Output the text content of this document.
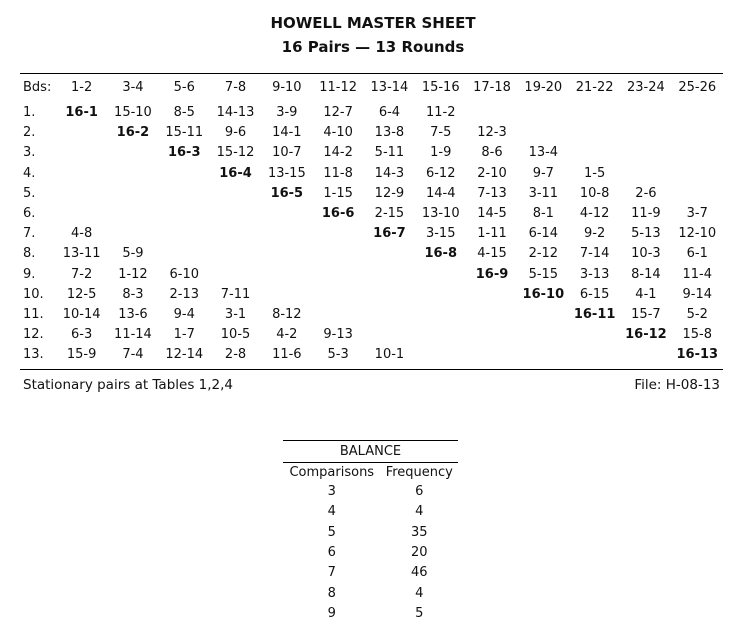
HOWELL MASTER SHEET
16 Pairs — 13 Rounds
Bds:	1-2	3-4	5-6	7-8	9-10	11-12	13-14	15-16	17-18	19-20	21-22	23-24	25-26
1.	16-1	15-10	8-5	14-13	3-9	12-7	6-4	11-2					
2.		16-2	15-11	9-6	14-1	4-10	13-8	7-5	12-3				
3.			16-3	15-12	10-7	14-2	5-11	1-9	8-6	13-4			
4.				16-4	13-15	11-8	14-3	6-12	2-10	9-7	1-5		
5.					16-5	1-15	12-9	14-4	7-13	3-11	10-8	2-6	
6.						16-6	2-15	13-10	14-5	8-1	4-12	11-9	3-7
7.	4-8						16-7	3-15	1-11	6-14	9-2	5-13	12-10
8.	13-11	5-9						16-8	4-15	2-12	7-14	10-3	6-1
9.	7-2	1-12	6-10						16-9	5-15	3-13	8-14	11-4
10.	12-5	8-3	2-13	7-11						16-10	6-15	4-1	9-14
11.	10-14	13-6	9-4	3-1	8-12						16-11	15-7	5-2
12.	6-3	11-14	1-7	10-5	4-2	9-13						16-12	15-8
13.	15-9	7-4	12-14	2-8	11-6	5-3	10-1						16-13
Stationary pairs at Tables 1,2,4	File: H-08-13
BALANCE	
Comparisons	Frequency
3	6
4	4
5	35
6	20
7	46
8	4
9	5
